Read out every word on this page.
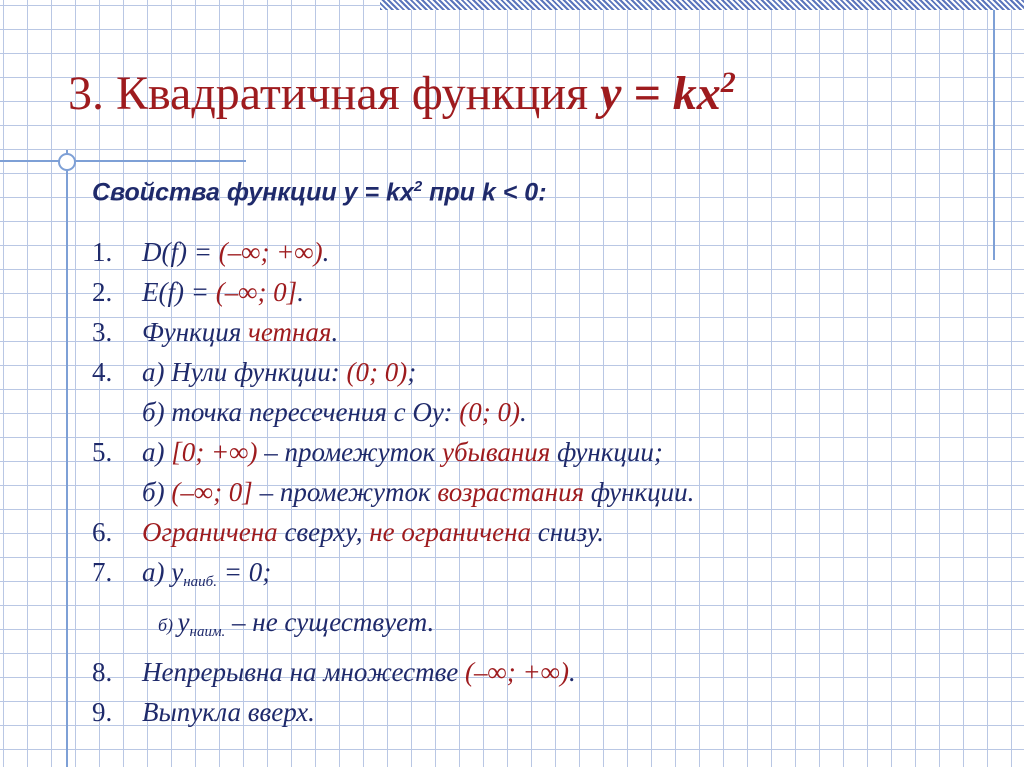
3. Квадратичная функция $y = kx^2$

Свойства функции $y = kx^2$ при k < 0:

1. D(f) = (–∞; +∞).
2. E(f) = (–∞; 0].
3. Функция четная.
4. а) Нули функции: (0; 0);
б) точка пересечения с Оу: (0; 0).
5. а) [0; +∞) – промежуток убывания функции;
б) (–∞; 0] – промежуток возрастания функции.
6. Ограничена сверху, не ограничена снизу.
7. а) $y_{наиб.} = 0$;
б) $y_{наим.}$ – не существует.
8. Непрерывна на множестве (–∞; +∞).
9. Выпукла вверх.
